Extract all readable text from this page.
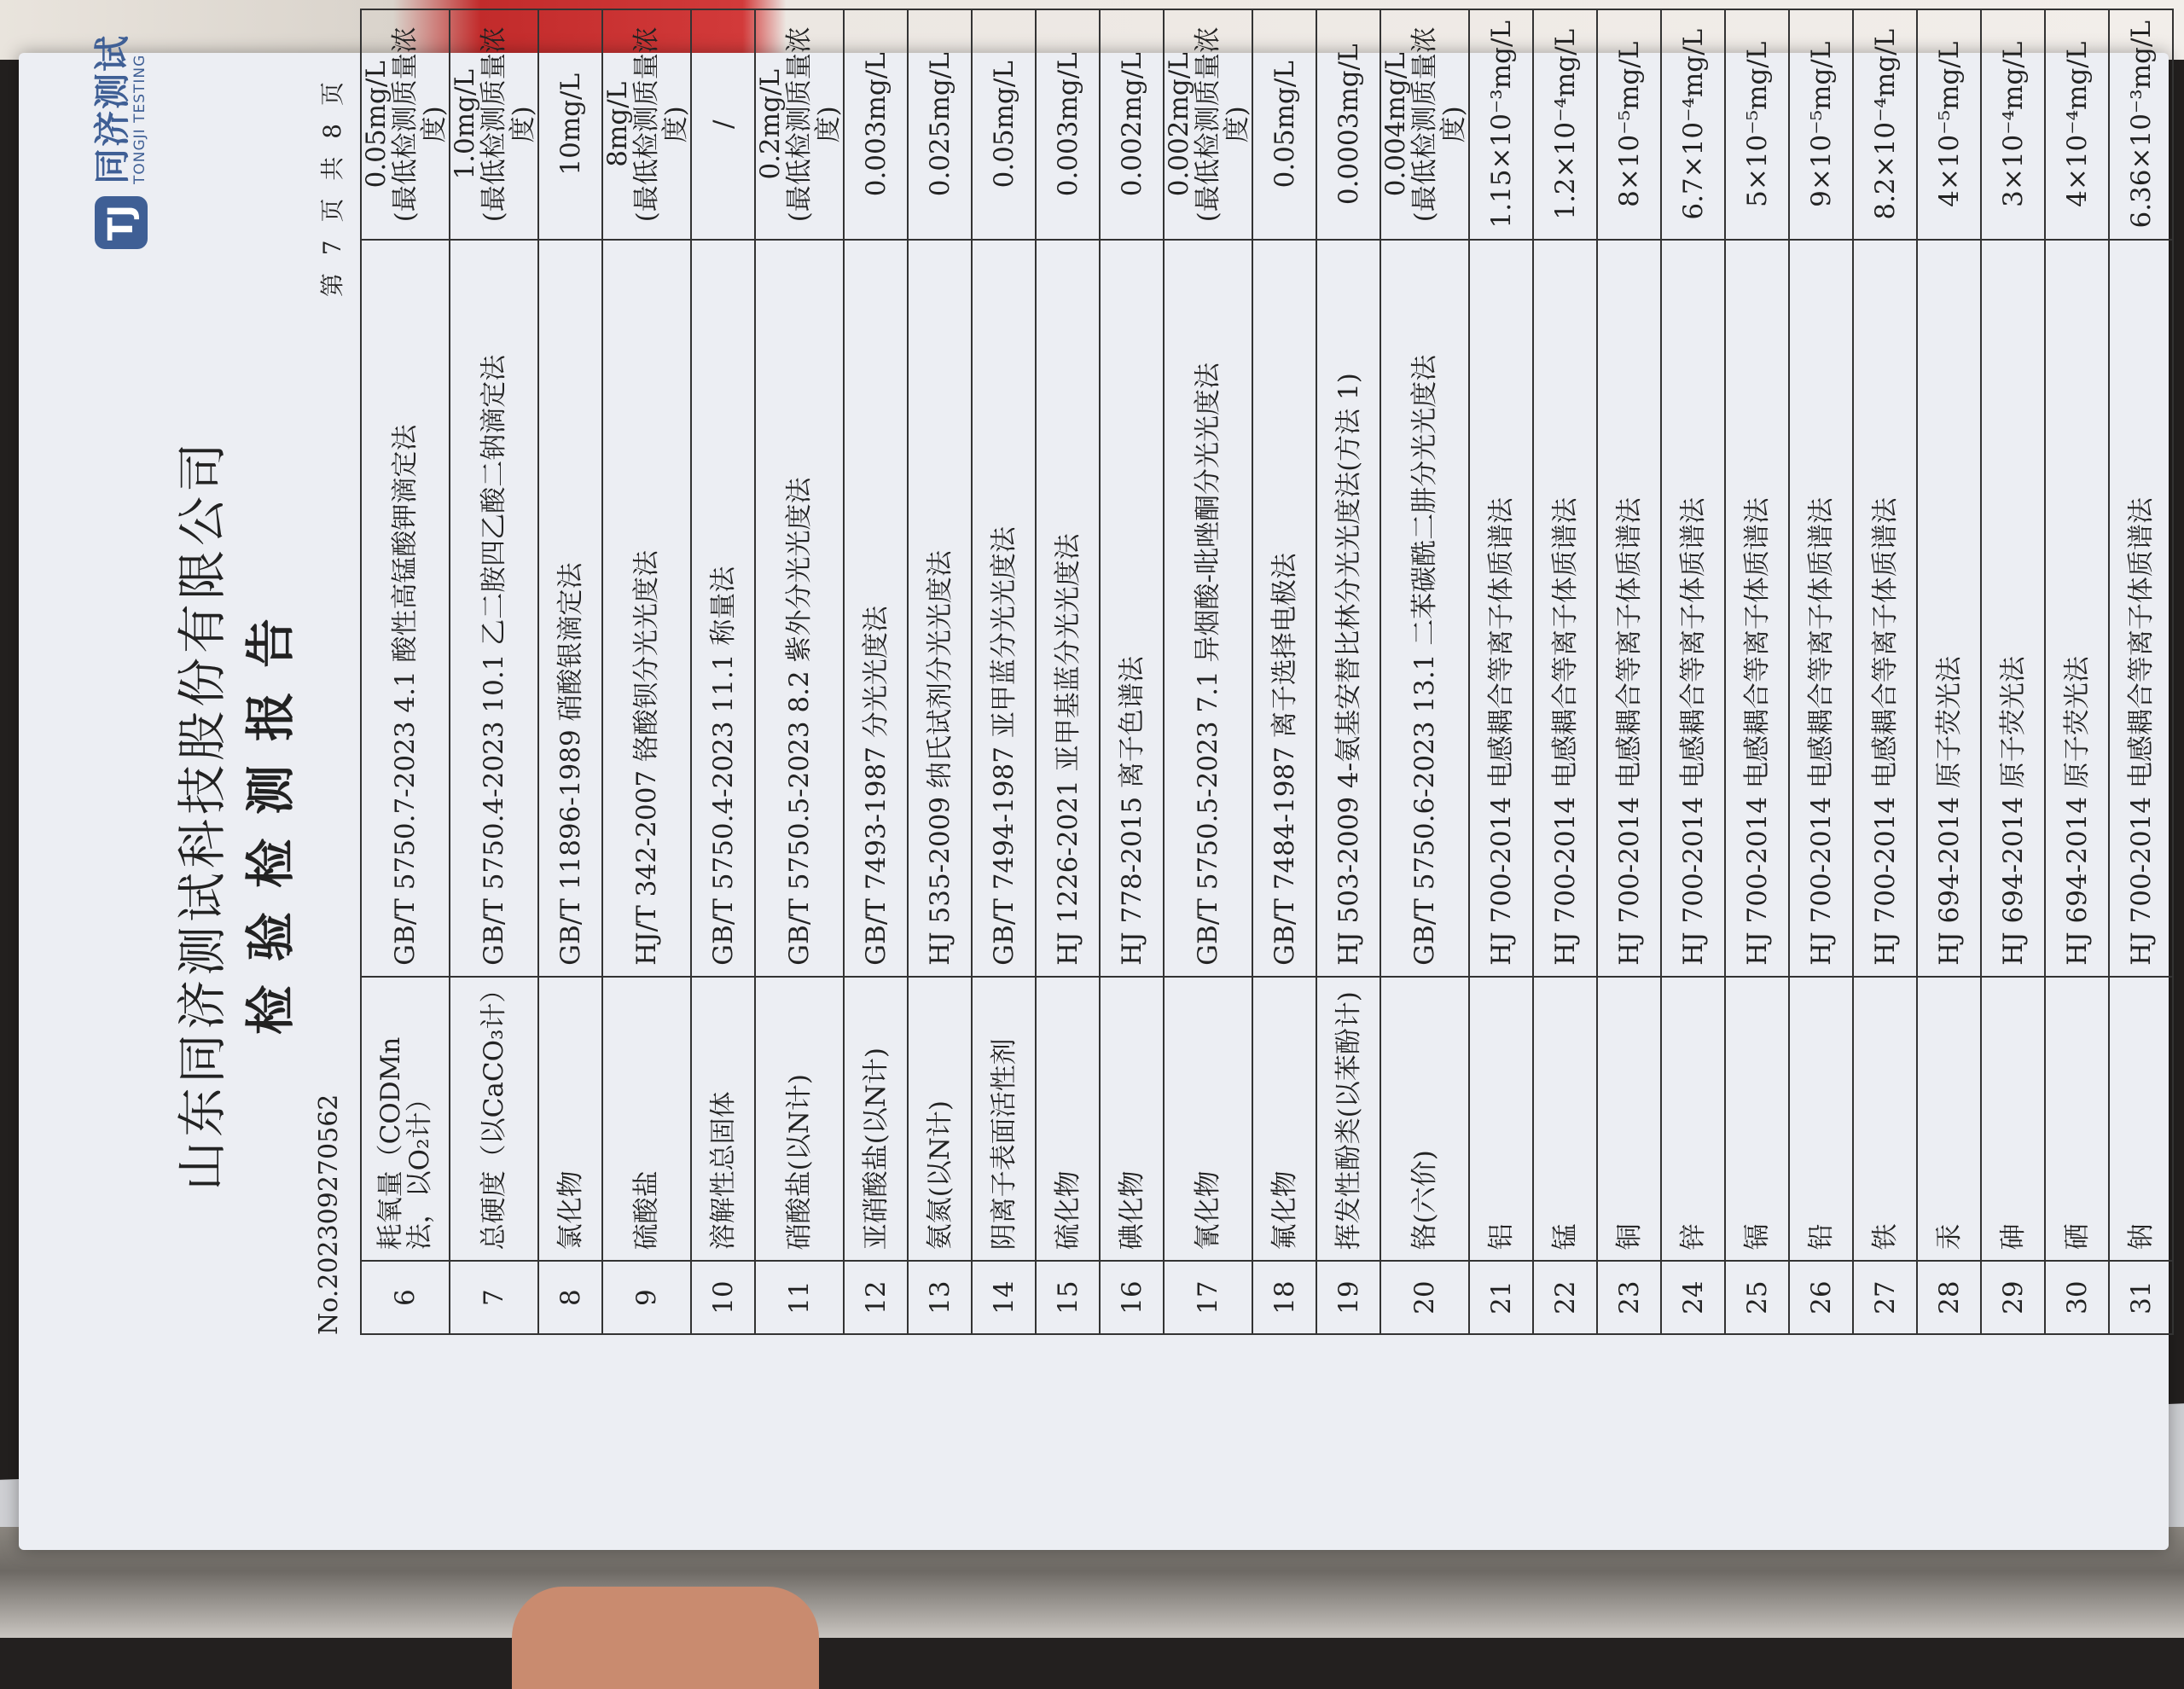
TJ
同济测试
TONGJI TESTING
山东同济测试科技股份有限公司 检验检测报告
No.202309270562
第 7 页 共 8 页
6	耗氧量（CODMn法，以O₂计）	GB/T 5750.7-2023 4.1 酸性高锰酸钾滴定法	0.05mg/L
(最低检测质量浓度)

7	总硬度（以CaCO₃计）	GB/T 5750.4-2023 10.1 乙二胺四乙酸二钠滴定法	1.0mg/L
(最低检测质量浓度)

8	氯化物	GB/T 11896-1989 硝酸银滴定法	10mg/L

9	硫酸盐	HJ/T 342-2007 铬酸钡分光光度法	8mg/L
(最低检测质量浓度)

10	溶解性总固体	GB/T 5750.4-2023 11.1 称量法	/

11	硝酸盐(以N计)	GB/T 5750.5-2023 8.2 紫外分光光度法	0.2mg/L
(最低检测质量浓度)

12	亚硝酸盐(以N计)	GB/T 7493-1987 分光光度法	0.003mg/L

13	氨氮(以N计)	HJ 535-2009 纳氏试剂分光光度法	0.025mg/L

14	阴离子表面活性剂	GB/T 7494-1987 亚甲蓝分光光度法	0.05mg/L

15	硫化物	HJ 1226-2021 亚甲基蓝分光光度法	0.003mg/L

16	碘化物	HJ 778-2015 离子色谱法	0.002mg/L

17	氰化物	GB/T 5750.5-2023 7.1 异烟酸-吡唑酮分光光度法	0.002mg/L
(最低检测质量浓度)

18	氟化物	GB/T 7484-1987 离子选择电极法	0.05mg/L

19	挥发性酚类(以苯酚计)	HJ 503-2009 4-氨基安替比林分光光度法(方法 1)	0.0003mg/L

20	铬(六价)	GB/T 5750.6-2023 13.1 二苯碳酰二肼分光光度法	0.004mg/L
(最低检测质量浓度)

21	铝	HJ 700-2014 电感耦合等离子体质谱法	1.15×10⁻³mg/L

22	锰	HJ 700-2014 电感耦合等离子体质谱法	1.2×10⁻⁴mg/L

23	铜	HJ 700-2014 电感耦合等离子体质谱法	8×10⁻⁵mg/L

24	锌	HJ 700-2014 电感耦合等离子体质谱法	6.7×10⁻⁴mg/L

25	镉	HJ 700-2014 电感耦合等离子体质谱法	5×10⁻⁵mg/L

26	铅	HJ 700-2014 电感耦合等离子体质谱法	9×10⁻⁵mg/L

27	铁	HJ 700-2014 电感耦合等离子体质谱法	8.2×10⁻⁴mg/L

28	汞	HJ 694-2014 原子荧光法	4×10⁻⁵mg/L

29	砷	HJ 694-2014 原子荧光法	3×10⁻⁴mg/L

30	硒	HJ 694-2014 原子荧光法	4×10⁻⁴mg/L

31	钠	HJ 700-2014 电感耦合等离子体质谱法	6.36×10⁻³mg/L
